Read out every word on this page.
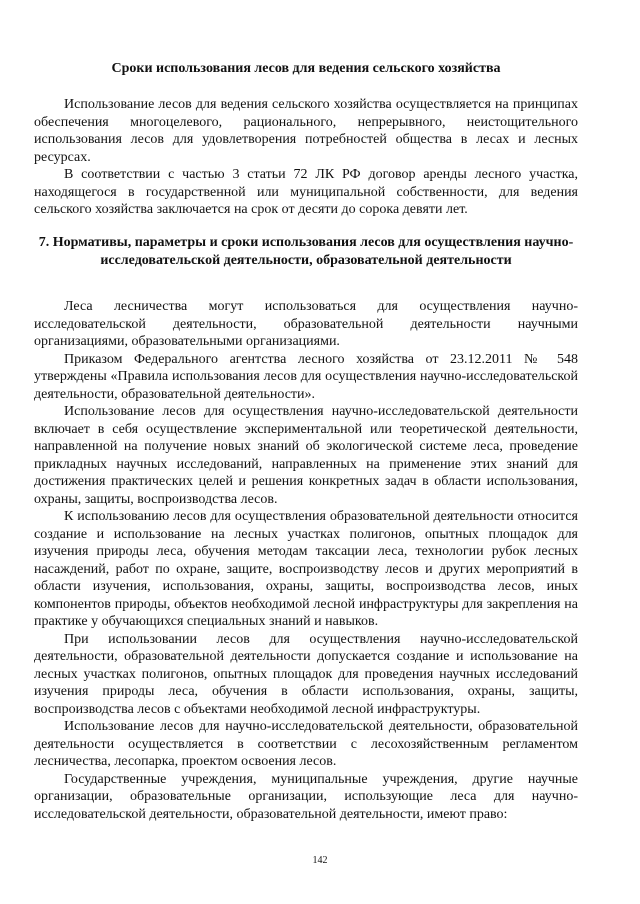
Сроки использования лесов для ведения сельского хозяйства

Использование лесов для ведения сельского хозяйства осуществляется на принципах обеспечения многоцелевого, рационального, непрерывного, неистощительного использования лесов для удовлетворения потребностей общества в лесах и лесных ресурсах.

В соответствии с частью 3 статьи 72 ЛК РФ договор аренды лесного участка, находящегося в государственной или муниципальной собственности, для ведения сельского хозяйства заключается на срок от десяти до сорока девяти лет.

7. Нормативы, параметры и сроки использования лесов для осуществления научно-исследовательской деятельности, образовательной деятельности

Леса лесничества могут использоваться для осуществления научно-исследовательской деятельности, образовательной деятельности научными организациями, образовательными организациями.

Приказом Федерального агентства лесного хозяйства от 23.12.2011 № 548 утверждены «Правила использования лесов для осуществления научно-исследовательской деятельности, образовательной деятельности».

Использование лесов для осуществления научно-исследовательской деятельности включает в себя осуществление экспериментальной или теоретической деятельности, направленной на получение новых знаний об экологической системе леса, проведение прикладных научных исследований, направленных на применение этих знаний для достижения практических целей и решения конкретных задач в области использования, охраны, защиты, воспроизводства лесов.

К использованию лесов для осуществления образовательной деятельности относится создание и использование на лесных участках полигонов, опытных площадок для изучения природы леса, обучения методам таксации леса, технологии рубок лесных насаждений, работ по охране, защите, воспроизводству лесов и других мероприятий в области изучения, использования, охраны, защиты, воспроизводства лесов, иных компонентов природы, объектов необходимой лесной инфраструктуры для закрепления на практике у обучающихся специальных знаний и навыков.

При использовании лесов для осуществления научно-исследовательской деятельности, образовательной деятельности допускается создание и использование на лесных участках полигонов, опытных площадок для проведения научных исследований изучения природы леса, обучения в области использования, охраны, защиты, воспроизводства лесов с объектами необходимой лесной инфраструктуры.

Использование лесов для научно-исследовательской деятельности, образовательной деятельности осуществляется в соответствии с лесохозяйственным регламентом лесничества, лесопарка, проектом освоения лесов.

Государственные учреждения, муниципальные учреждения, другие научные организации, образовательные организации, использующие леса для научно-исследовательской деятельности, образовательной деятельности, имеют право:

142
